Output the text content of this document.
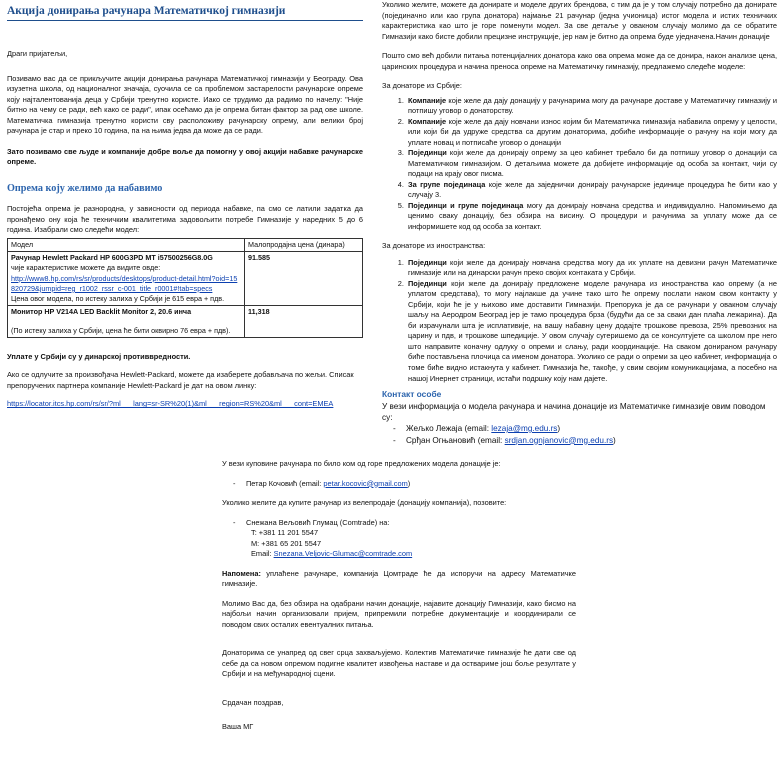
Акција донирања рачунара Математичкој гимназији

Драги пријатељи,

Позивамо вас да се прикључите акцији донирања рачунара Математичкој гимназији у Београду. Ова изузетна школа, од националног значаја, суочила се са проблемом застарелости рачунарске опреме коју најталентованија деца у Србији тренутно користе. Иако се трудимо да радимо по начелу: "Није битно на чему се ради, већ како се ради", ипак осећамо да је опрема битан фактор за рад ове школе. Математичка гимназија тренутно користи сву расположиву рачунарску опрему, али велики број рачунара је стар и преко 10 година, па на њима једва да може да се ради.

Зато позивамо све људе и компаније добре воље да помогну у овој акцији набавке рачунарске опреме.

Опрема коју желимо да набавимо

Постојећа опрема је разнородна, у зависности од периода набавке, па смо се латили задатка да пронађемо ону која ће техничким квалитетима задовољити потребе Гимназије у наредних 5 до 6 година. Изабрали смо следећи модел:

Модел	Малопродајна цена (динара)

Рачунар Hewlett Packard HP 600G3PD MT i57500256G8.0G
чије карактеристике можете да видите овде:
http://www8.hp.com/rs/sr/products/desktops/product-detail.html?oid=15820729&jumpid=reg_r1002_rssr_c-001_title_r0001#!tab=specs
Цена овог модела, по истеку залиха у Србији је 615 евра + пдв.	91.585

Монитор HP V214A LED Backlit Monitor 2, 20.6 инча
(По истеку залиха у Србији, цена ће бити оквирно 76 евра + пдв).	11,318

Уплате у Србији су у динарској противвредности.

Ако се одлучите за произвођача Hewlett-Packard, можете да изаберете добављача по жељи. Списак препоручених партнера компаније Hewlett-Packard је дат на овом линку:

https://locator.itcs.hp.com/rs/sr/?ml___lang=sr-SR%20(1)&ml___region=RS%20&ml___cont=EMEA

Уколико желите, можете да донирате и моделе других брендова, с тим да је у том случају потребно да донирате (појединачно или као група донатора) најмање 21 рачунар (једна учионица) истог модела и истих техничких карактеристика као што је горе поменути модел. За све детаље у овакном случају молимо да се обратите Гимназији како бисте добили прецизне инструкције, јер нам је битно да опрема буде уједначена.Начин донације

Пошто смо већ добили питања потенцијалних донатора како ова опрема може да се донира, након анализе цена, царинских процедура и начина преноса опреме на Математичку гимназију, предлажемо следеће моделе:

За донаторе из Србије:

1. Компаније које желе да дају донацију у рачунарима могу да рачунаре доставе у Математичку гимназију и потпишу уговор о донаторству.
2. Компаније које желе да дају новчани износ којим би Математичка гимназија набавила опрему у целости, или који би да удруже средства са другим донаторима, добиће информације о рачуну на који могу да уплате новац и потписаће уговор о донацији
3. Појединци који желе да донирају опрему за цео кабинет требало би да потпишу уговор о донацији са Математичком гимназијом. О детаљима можете да добијете информације од особа за контакт, чији су подаци на крају овог писма.
4. За групе појединаца које желе да заједнички донирају рачунарске јединице процедура ће бити као у случају 3.
5. Појединци и групе појединаца могу да донирају новчана средства и индивидуално. Напомињемо да ценимо сваку донацију, без обзира на висину. О процедури и рачунима за уплату може да се информишете код од особа за контакт.

За донаторе из иностранства:

1. Појединци који желе да донирају новчана средства могу да их уплате на девизни рачун Математичке гимназије или на динарски рачун преко својих контаката у Србији.
2. Појединци који желе да донирају предложене моделе рачунара из иностранства као опрему (а не уплатом средстава), то могу најлакше да учине тако што ће опрему послати наком свом контакту у Србији, који ће је у њихово име доставити Гимназији. Препорука је да се рачунари у овакном случају шаљу на Аеродром Београд јер је тамо процедура брза (будући да се за сваки дан плаћа лежарина). Да би израчунали шта је исплативије, на вашу набавну цену додајте трошкове превоза, 25% превозних на царину и пдв, и трошкове шпедиције. У овом случају сугеришемо да се консултујете са школом пре него што направите коначну одлуку о опреми и слању, ради координације. На сваком донираном рачунару биће постављена плочица са именом донатора. Уколико се ради о опреми за цео кабинет, информација о томе биће видно истакнута у кабинет. Гимназија ће, такође, у свим својим комуникацијама, а посебно на нашој Инернет страници, истаћи подршку коју нам дајете.

Контакт особе

У вези информација о модела рачунара и начина донације из Математичке гимназије овим поводом су:

- Жељко Лежаја (email: lezaja@mg.edu.rs)
- Срђан Огњановић (email: srdjan.ognjanovic@mg.edu.rs)

У вези куповине рачунара по било ком од горе предложених модела донације је:

- Петар Кочовић (email: petar.kocovic@gmail.com)

Уколико желите да купите рачунар из велепродаје (донацију компанија), позовите:

- Снежана Вељовић Глумац (Comtrade) на:
T: +381 11 201 5547
M: +381 65 201 5547
Email: Snezana.Veljovic-Glumac@comtrade.com

Напомена: уплаћене рачунаре, компанија Цомтраде ће да испоручи на адресу Математичке гимназије.

Молимо Вас да, без обзира на одабрани начин донације, најавите донацију Гимназији, како бисмо на најбољи начин организовали пријем, припремили потребне документације и координирали се поводом свих осталих евентуалних питања.

Донаторима се унапред од свег срца захваљујемо. Колектив Математичке гимназије ће дати све од себе да са новом опремом подигне квалитет извођења наставе и да оствариме још боље резултате у Србији и на међународној сцени.

Срдачан поздрав,

Ваша МГ
